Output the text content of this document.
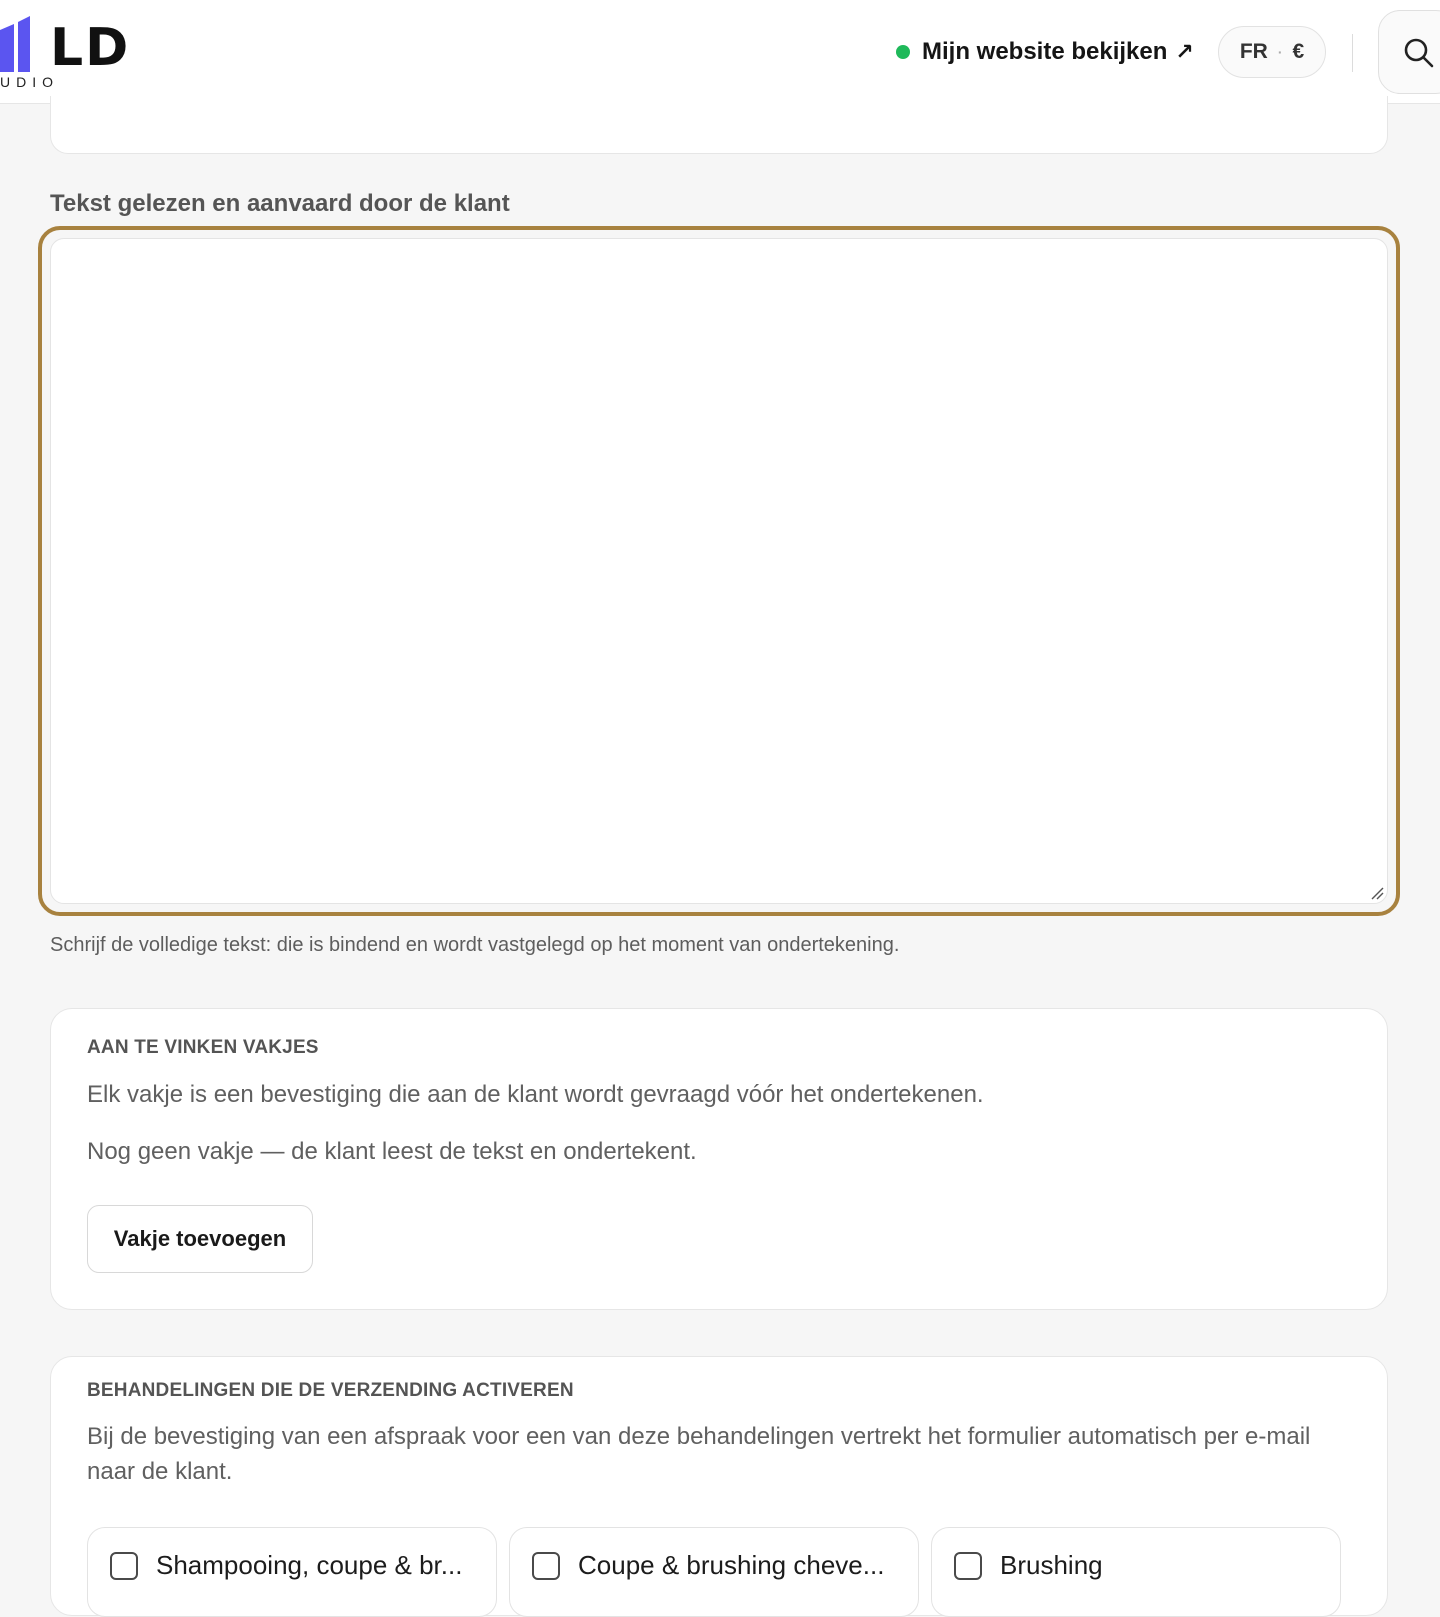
LD
UDIO
Mijn website bekijken ↗ FR · €
Tekst gelezen en aanvaard door de klant
Schrijf de volledige tekst: die is bindend en wordt vastgelegd op het moment van ondertekening.
AAN TE VINKEN VAKJES
Elk vakje is een bevestiging die aan de klant wordt gevraagd vóór het ondertekenen.
Nog geen vakje — de klant leest de tekst en ondertekent.
Vakje toevoegen
BEHANDELINGEN DIE DE VERZENDING ACTIVEREN
Bij de bevestiging van een afspraak voor een van deze behandelingen vertrekt het formulier automatisch per e-mail naar de klant.
Shampooing, coupe & br...	Coupe & brushing cheve...	Brushing
